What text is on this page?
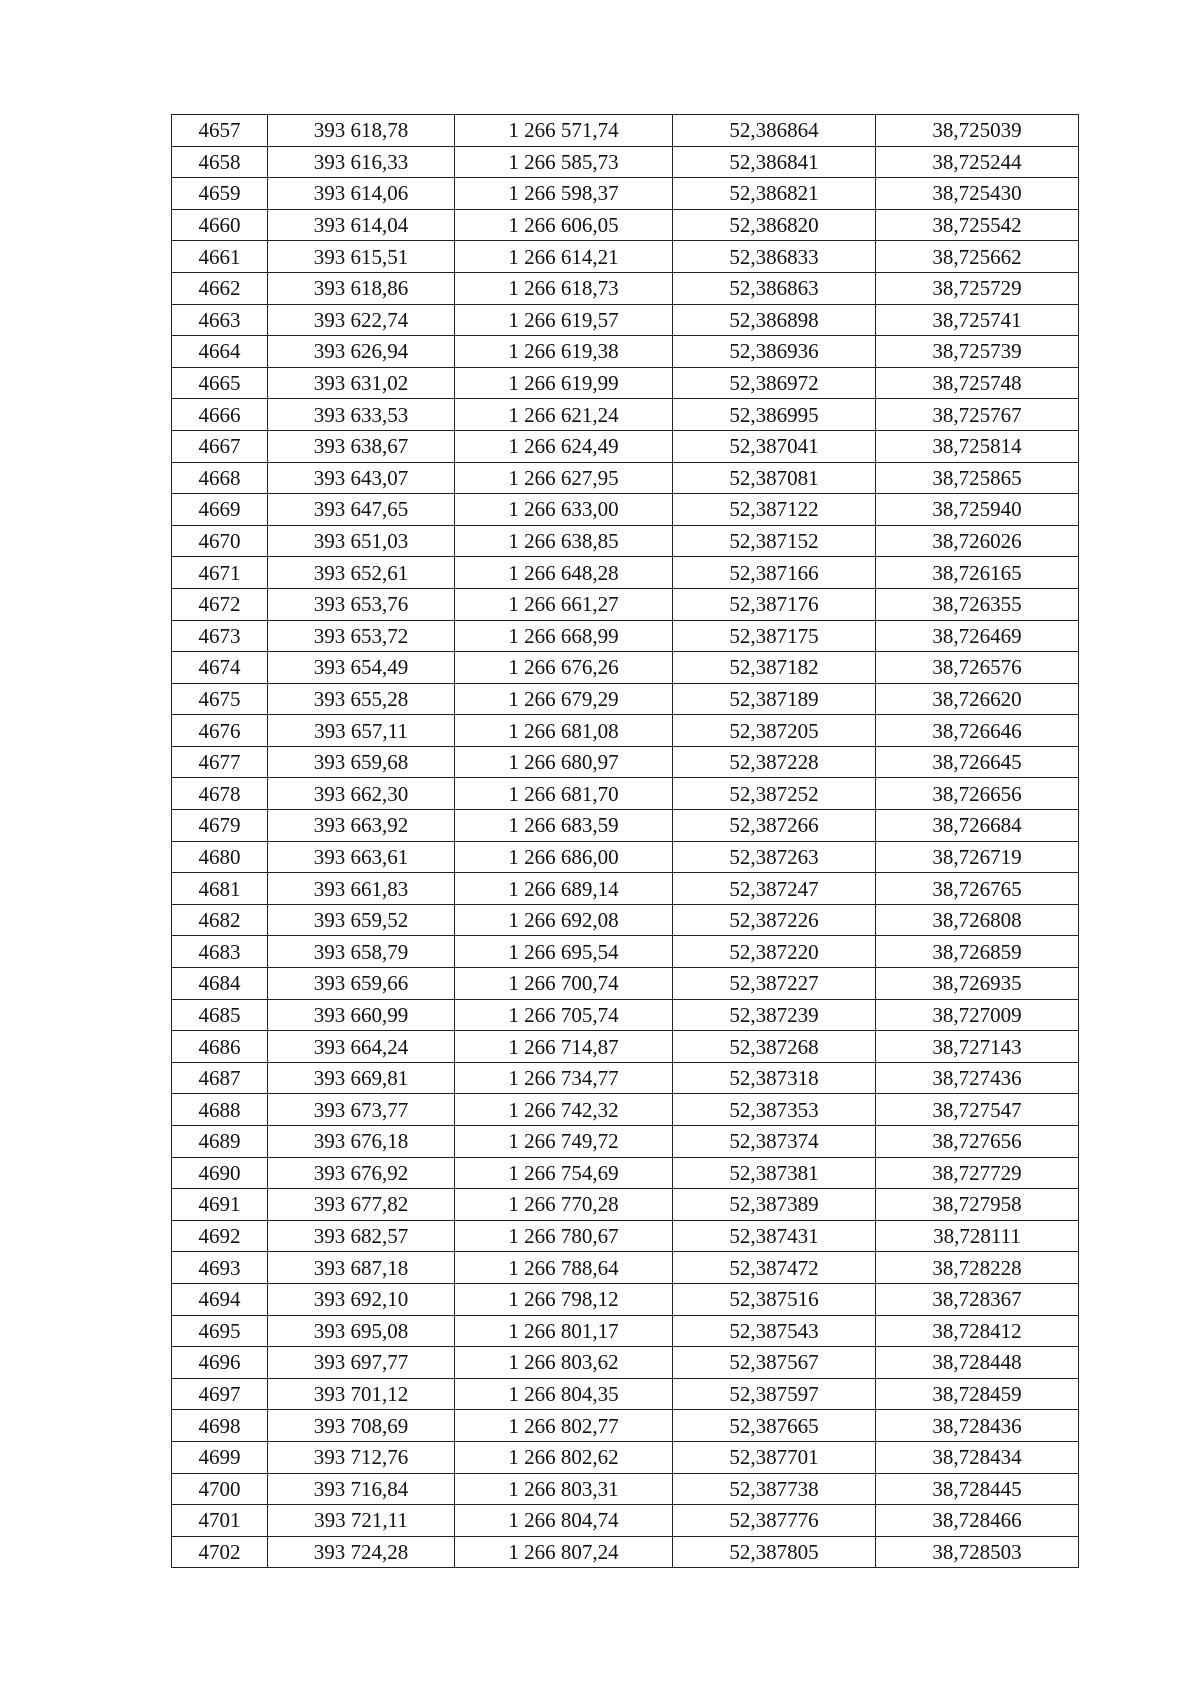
4657	393 618,78	1 266 571,74	52,386864	38,725039
4658	393 616,33	1 266 585,73	52,386841	38,725244
4659	393 614,06	1 266 598,37	52,386821	38,725430
4660	393 614,04	1 266 606,05	52,386820	38,725542
4661	393 615,51	1 266 614,21	52,386833	38,725662
4662	393 618,86	1 266 618,73	52,386863	38,725729
4663	393 622,74	1 266 619,57	52,386898	38,725741
4664	393 626,94	1 266 619,38	52,386936	38,725739
4665	393 631,02	1 266 619,99	52,386972	38,725748
4666	393 633,53	1 266 621,24	52,386995	38,725767
4667	393 638,67	1 266 624,49	52,387041	38,725814
4668	393 643,07	1 266 627,95	52,387081	38,725865
4669	393 647,65	1 266 633,00	52,387122	38,725940
4670	393 651,03	1 266 638,85	52,387152	38,726026
4671	393 652,61	1 266 648,28	52,387166	38,726165
4672	393 653,76	1 266 661,27	52,387176	38,726355
4673	393 653,72	1 266 668,99	52,387175	38,726469
4674	393 654,49	1 266 676,26	52,387182	38,726576
4675	393 655,28	1 266 679,29	52,387189	38,726620
4676	393 657,11	1 266 681,08	52,387205	38,726646
4677	393 659,68	1 266 680,97	52,387228	38,726645
4678	393 662,30	1 266 681,70	52,387252	38,726656
4679	393 663,92	1 266 683,59	52,387266	38,726684
4680	393 663,61	1 266 686,00	52,387263	38,726719
4681	393 661,83	1 266 689,14	52,387247	38,726765
4682	393 659,52	1 266 692,08	52,387226	38,726808
4683	393 658,79	1 266 695,54	52,387220	38,726859
4684	393 659,66	1 266 700,74	52,387227	38,726935
4685	393 660,99	1 266 705,74	52,387239	38,727009
4686	393 664,24	1 266 714,87	52,387268	38,727143
4687	393 669,81	1 266 734,77	52,387318	38,727436
4688	393 673,77	1 266 742,32	52,387353	38,727547
4689	393 676,18	1 266 749,72	52,387374	38,727656
4690	393 676,92	1 266 754,69	52,387381	38,727729
4691	393 677,82	1 266 770,28	52,387389	38,727958
4692	393 682,57	1 266 780,67	52,387431	38,728111
4693	393 687,18	1 266 788,64	52,387472	38,728228
4694	393 692,10	1 266 798,12	52,387516	38,728367
4695	393 695,08	1 266 801,17	52,387543	38,728412
4696	393 697,77	1 266 803,62	52,387567	38,728448
4697	393 701,12	1 266 804,35	52,387597	38,728459
4698	393 708,69	1 266 802,77	52,387665	38,728436
4699	393 712,76	1 266 802,62	52,387701	38,728434
4700	393 716,84	1 266 803,31	52,387738	38,728445
4701	393 721,11	1 266 804,74	52,387776	38,728466
4702	393 724,28	1 266 807,24	52,387805	38,728503
